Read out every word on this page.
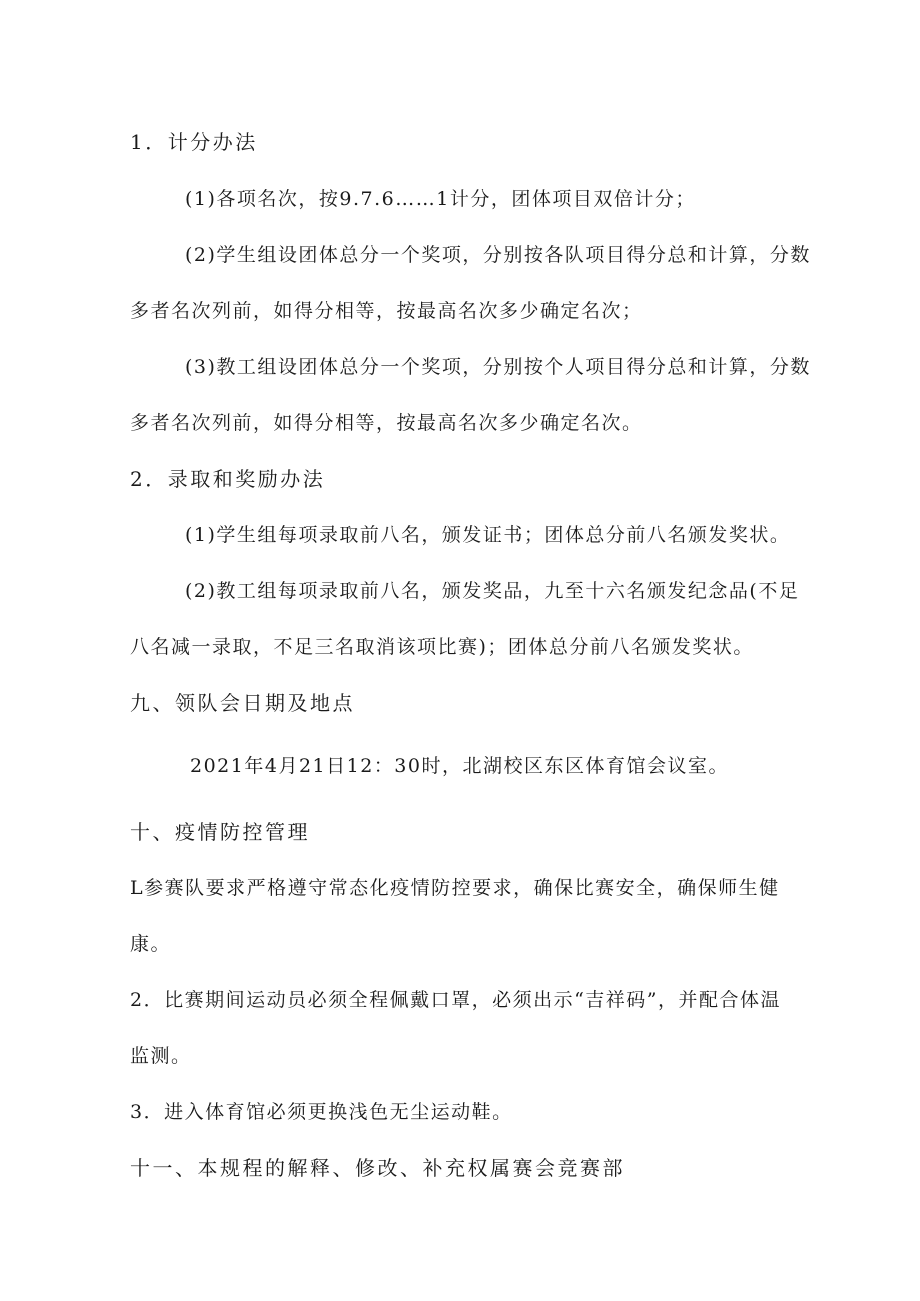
1．计分办法
(1)各项名次，按9.7.6……1计分，团体项目双倍计分；
(2)学生组设团体总分一个奖项，分别按各队项目得分总和计算，分数
多者名次列前，如得分相等，按最高名次多少确定名次；
(3)教工组设团体总分一个奖项，分别按个人项目得分总和计算，分数
多者名次列前，如得分相等，按最高名次多少确定名次。
2．录取和奖励办法
(1)学生组每项录取前八名，颁发证书；团体总分前八名颁发奖状。
(2)教工组每项录取前八名，颁发奖品，九至十六名颁发纪念品(不足
八名减一录取，不足三名取消该项比赛)；团体总分前八名颁发奖状。
九、领队会日期及地点
2021年4月21日12：30时，北湖校区东区体育馆会议室。
十、疫情防控管理
L参赛队要求严格遵守常态化疫情防控要求，确保比赛安全，确保师生健
康。
2．比赛期间运动员必须全程佩戴口罩，必须出示“吉祥码”，并配合体温
监测。
3．进入体育馆必须更换浅色无尘运动鞋。
十一、本规程的解释、修改、补充权属赛会竞赛部
